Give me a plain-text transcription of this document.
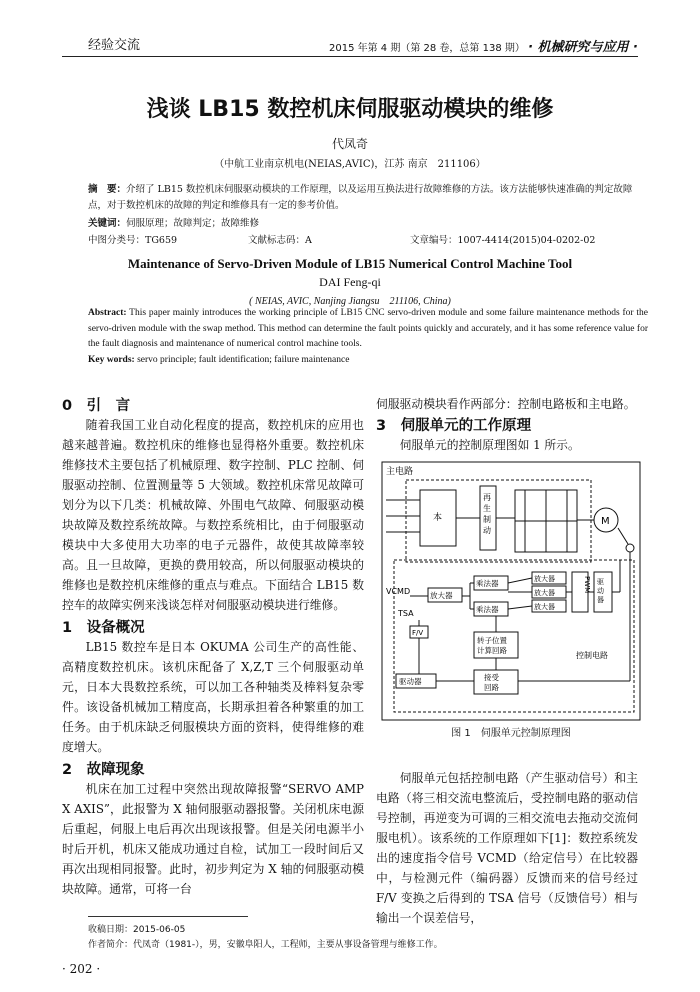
经验交流	2015 年第 4 期（第 28 卷，总第 138 期） · 机械研究与应用 ·
浅谈 LB15 数控机床伺服驱动模块的维修
代凤奇
（中航工业南京机电(NEIAS,AVIC)，江苏 南京　211106）
摘　要：介绍了 LB15 数控机床伺服驱动模块的工作原理，以及运用互换法进行故障维修的方法。该方法能够快速准确的判定故障点，对于数控机床的故障的判定和维修具有一定的参考价值。
关键词：伺服原理；故障判定；故障维修
中图分类号：TG659	文献标志码：A	文章编号：1007-4414(2015)04-0202-02
Maintenance of Servo-Driven Module of LB15 Numerical Control Machine Tool
DAI Feng-qi
( NEIAS, AVIC, Nanjing Jiangsu　211106, China)
Abstract: This paper mainly introduces the working principle of LB15 CNC servo-driven module and some failure maintenance methods for the servo-driven module with the swap method. This method can determine the fault points quickly and accurately, and it has some reference value for the fault diagnosis and maintenance of numerical control machine tools.
Key words: servo principle; fault identification; failure maintenance
0　引　言

随着我国工业自动化程度的提高，数控机床的应用也越来越普遍。数控机床的维修也显得格外重要。数控机床维修技术主要包括了机械原理、数字控制、PLC 控制、伺服驱动控制、位置测量等 5 大领域。数控机床常见故障可划分为以下几类：机械故障、外围电气故障、伺服驱动模块故障及数控系统故障。与数控系统相比，由于伺服驱动模块中大多使用大功率的电子元器件，故使其故障率较高。且一旦故障，更换的费用较高，所以伺服驱动模块的维修也是数控机床维修的重点与难点。下面结合 LB15 数控车的故障实例来浅谈怎样对伺服驱动模块进行维修。

1　设备概况

LB15 数控车是日本 OKUMA 公司生产的高性能、高精度数控机床。该机床配备了 X,Z,T 三个伺服驱动单元，日本大畏数控系统，可以加工各种轴类及棒料复杂零件。该设备机械加工精度高，长期承担着各种繁重的加工任务。由于机床缺乏伺服模块方面的资料，使得维修的难度增大。

2　故障现象

机床在加工过程中突然出现故障报警“SERVO AMP X AXIS”，此报警为 X 轴伺服驱动器报警。关闭机床电源后重起，伺服上电后再次出现该报警。但是关闭电源半小时后开机，机床又能成功通过自检，试加工一段时间后又再次出现相同报警。此时，初步判定为 X 轴的伺服驱动模块故障。通常，可将一台

伺服驱动模块看作两部分：控制电路板和主电路。
3　伺服单元的工作原理

伺服单元的控制原理图如 1 所示。

主电路
本
再生制动
M
VCMD
TSA
F/V
放大器
乘法器
乘法器
放大器
放大器
放大器
PWM 驱动器
转子位置计算回路
控制电路
驱动器	接受回路
图 1　伺服单元控制原理图

伺服单元包括控制电路（产生驱动信号）和主电路（将三相交流电整流后，受控制电路的驱动信号控制，再逆变为可调的三相交流电去拖动交流伺服电机）。该系统的工作原理如下[1]：数控系统发出的速度指令信号 VCMD（给定信号）在比较器中，与检测元件（编码器）反馈而来的信号经过 F/V 变换之后得到的 TSA 信号（反馈信号）相与输出一个误差信号，

收稿日期：2015-06-05
作者简介：代凤奇（1981-），男，安徽阜阳人，工程师，主要从事设备管理与维修工作。
· 202 ·
